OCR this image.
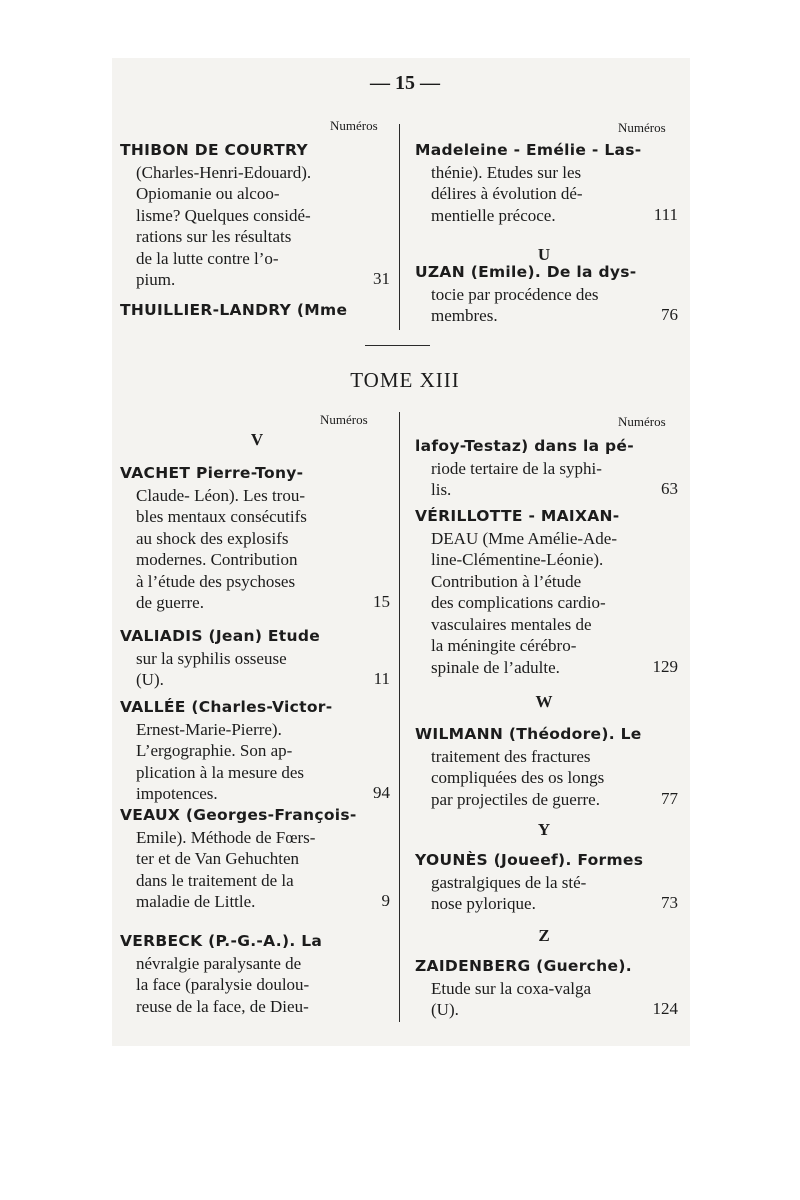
— 15 —
Numéros	Numéros
Numéros	Numéros
TOME XIII
THIBON DE COURTRY
(Charles-Henri-Edouard).
Opiomanie ou alcoo-
lisme? Quelques considé-
rations sur les résultats
de la lutte contre l’o-
pium.	31
THUILLIER-LANDRY (Mme
Madeleine - Emélie - Las-
thénie). Etudes sur les
délires à évolution dé-
mentielle précoce.	111
U
UZAN (Emile). De la dys-
tocie par procédence des
membres.	76
V
VACHET Pierre-Tony-
Claude- Léon). Les trou-
bles mentaux consécutifs
au shock des explosifs
modernes. Contribution
à l’étude des psychoses
de guerre.	15
VALIADIS (Jean) Etude
sur la syphilis osseuse
(U).	11
VALLÉE (Charles-Victor-
Ernest-Marie-Pierre).
L’ergographie. Son ap-
plication à la mesure des
impotences.	94
VEAUX (Georges-François-
Emile). Méthode de Fœrs-
ter et de Van Gehuchten
dans le traitement de la
maladie de Little.	9
VERBECK (P.-G.-A.). La
névralgie paralysante de
la face (paralysie doulou-
reuse de la face, de Dieu-
lafoy-Testaz) dans la pé-
riode tertaire de la syphi-
lis.	63
VÉRILLOTTE - MAIXAN-
DEAU (Mme Amélie-Ade-
line-Clémentine-Léonie).
Contribution à l’étude
des complications cardio-
vasculaires mentales de
la méningite cérébro-
spinale de l’adulte.	129
W
WILMANN (Théodore). Le
traitement des fractures
compliquées des os longs
par projectiles de guerre.	77
Y
YOUNÈS (Joueef). Formes
gastralgiques de la sté-
nose pylorique.	73
Z
ZAIDENBERG (Guerche).
Etude sur la coxa-valga
(U).	124
